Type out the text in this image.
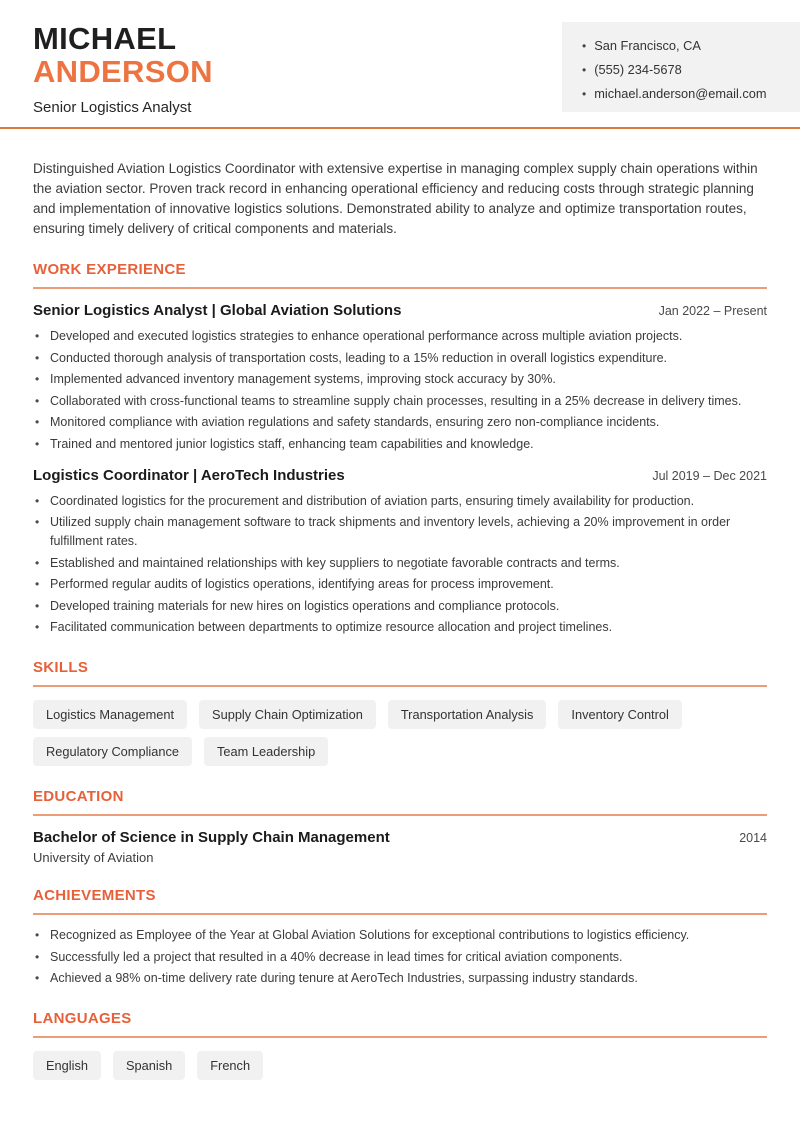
MICHAEL
ANDERSON
Senior Logistics Analyst
• San Francisco, CA
• (555) 234-5678
• michael.anderson@email.com

Distinguished Aviation Logistics Coordinator with extensive expertise in managing complex supply chain operations within the aviation sector. Proven track record in enhancing operational efficiency and reducing costs through strategic planning and implementation of innovative logistics solutions. Demonstrated ability to analyze and optimize transportation routes, ensuring timely delivery of critical components and materials.

WORK EXPERIENCE
Senior Logistics Analyst | Global Aviation Solutions	Jan 2022 – Present
• Developed and executed logistics strategies to enhance operational performance across multiple aviation projects.
• Conducted thorough analysis of transportation costs, leading to a 15% reduction in overall logistics expenditure.
• Implemented advanced inventory management systems, improving stock accuracy by 30%.
• Collaborated with cross-functional teams to streamline supply chain processes, resulting in a 25% decrease in delivery times.
• Monitored compliance with aviation regulations and safety standards, ensuring zero non-compliance incidents.
• Trained and mentored junior logistics staff, enhancing team capabilities and knowledge.
Logistics Coordinator | AeroTech Industries	Jul 2019 – Dec 2021
• Coordinated logistics for the procurement and distribution of aviation parts, ensuring timely availability for production.
• Utilized supply chain management software to track shipments and inventory levels, achieving a 20% improvement in order fulfillment rates.
• Established and maintained relationships with key suppliers to negotiate favorable contracts and terms.
• Performed regular audits of logistics operations, identifying areas for process improvement.
• Developed training materials for new hires on logistics operations and compliance protocols.
• Facilitated communication between departments to optimize resource allocation and project timelines.
SKILLS
Logistics Management	Supply Chain Optimization	Transportation Analysis	Inventory Control
Regulatory Compliance	Team Leadership
EDUCATION
Bachelor of Science in Supply Chain Management	2014
University of Aviation
ACHIEVEMENTS
• Recognized as Employee of the Year at Global Aviation Solutions for exceptional contributions to logistics efficiency.
• Successfully led a project that resulted in a 40% decrease in lead times for critical aviation components.
• Achieved a 98% on-time delivery rate during tenure at AeroTech Industries, surpassing industry standards.
LANGUAGES
English	Spanish	French
